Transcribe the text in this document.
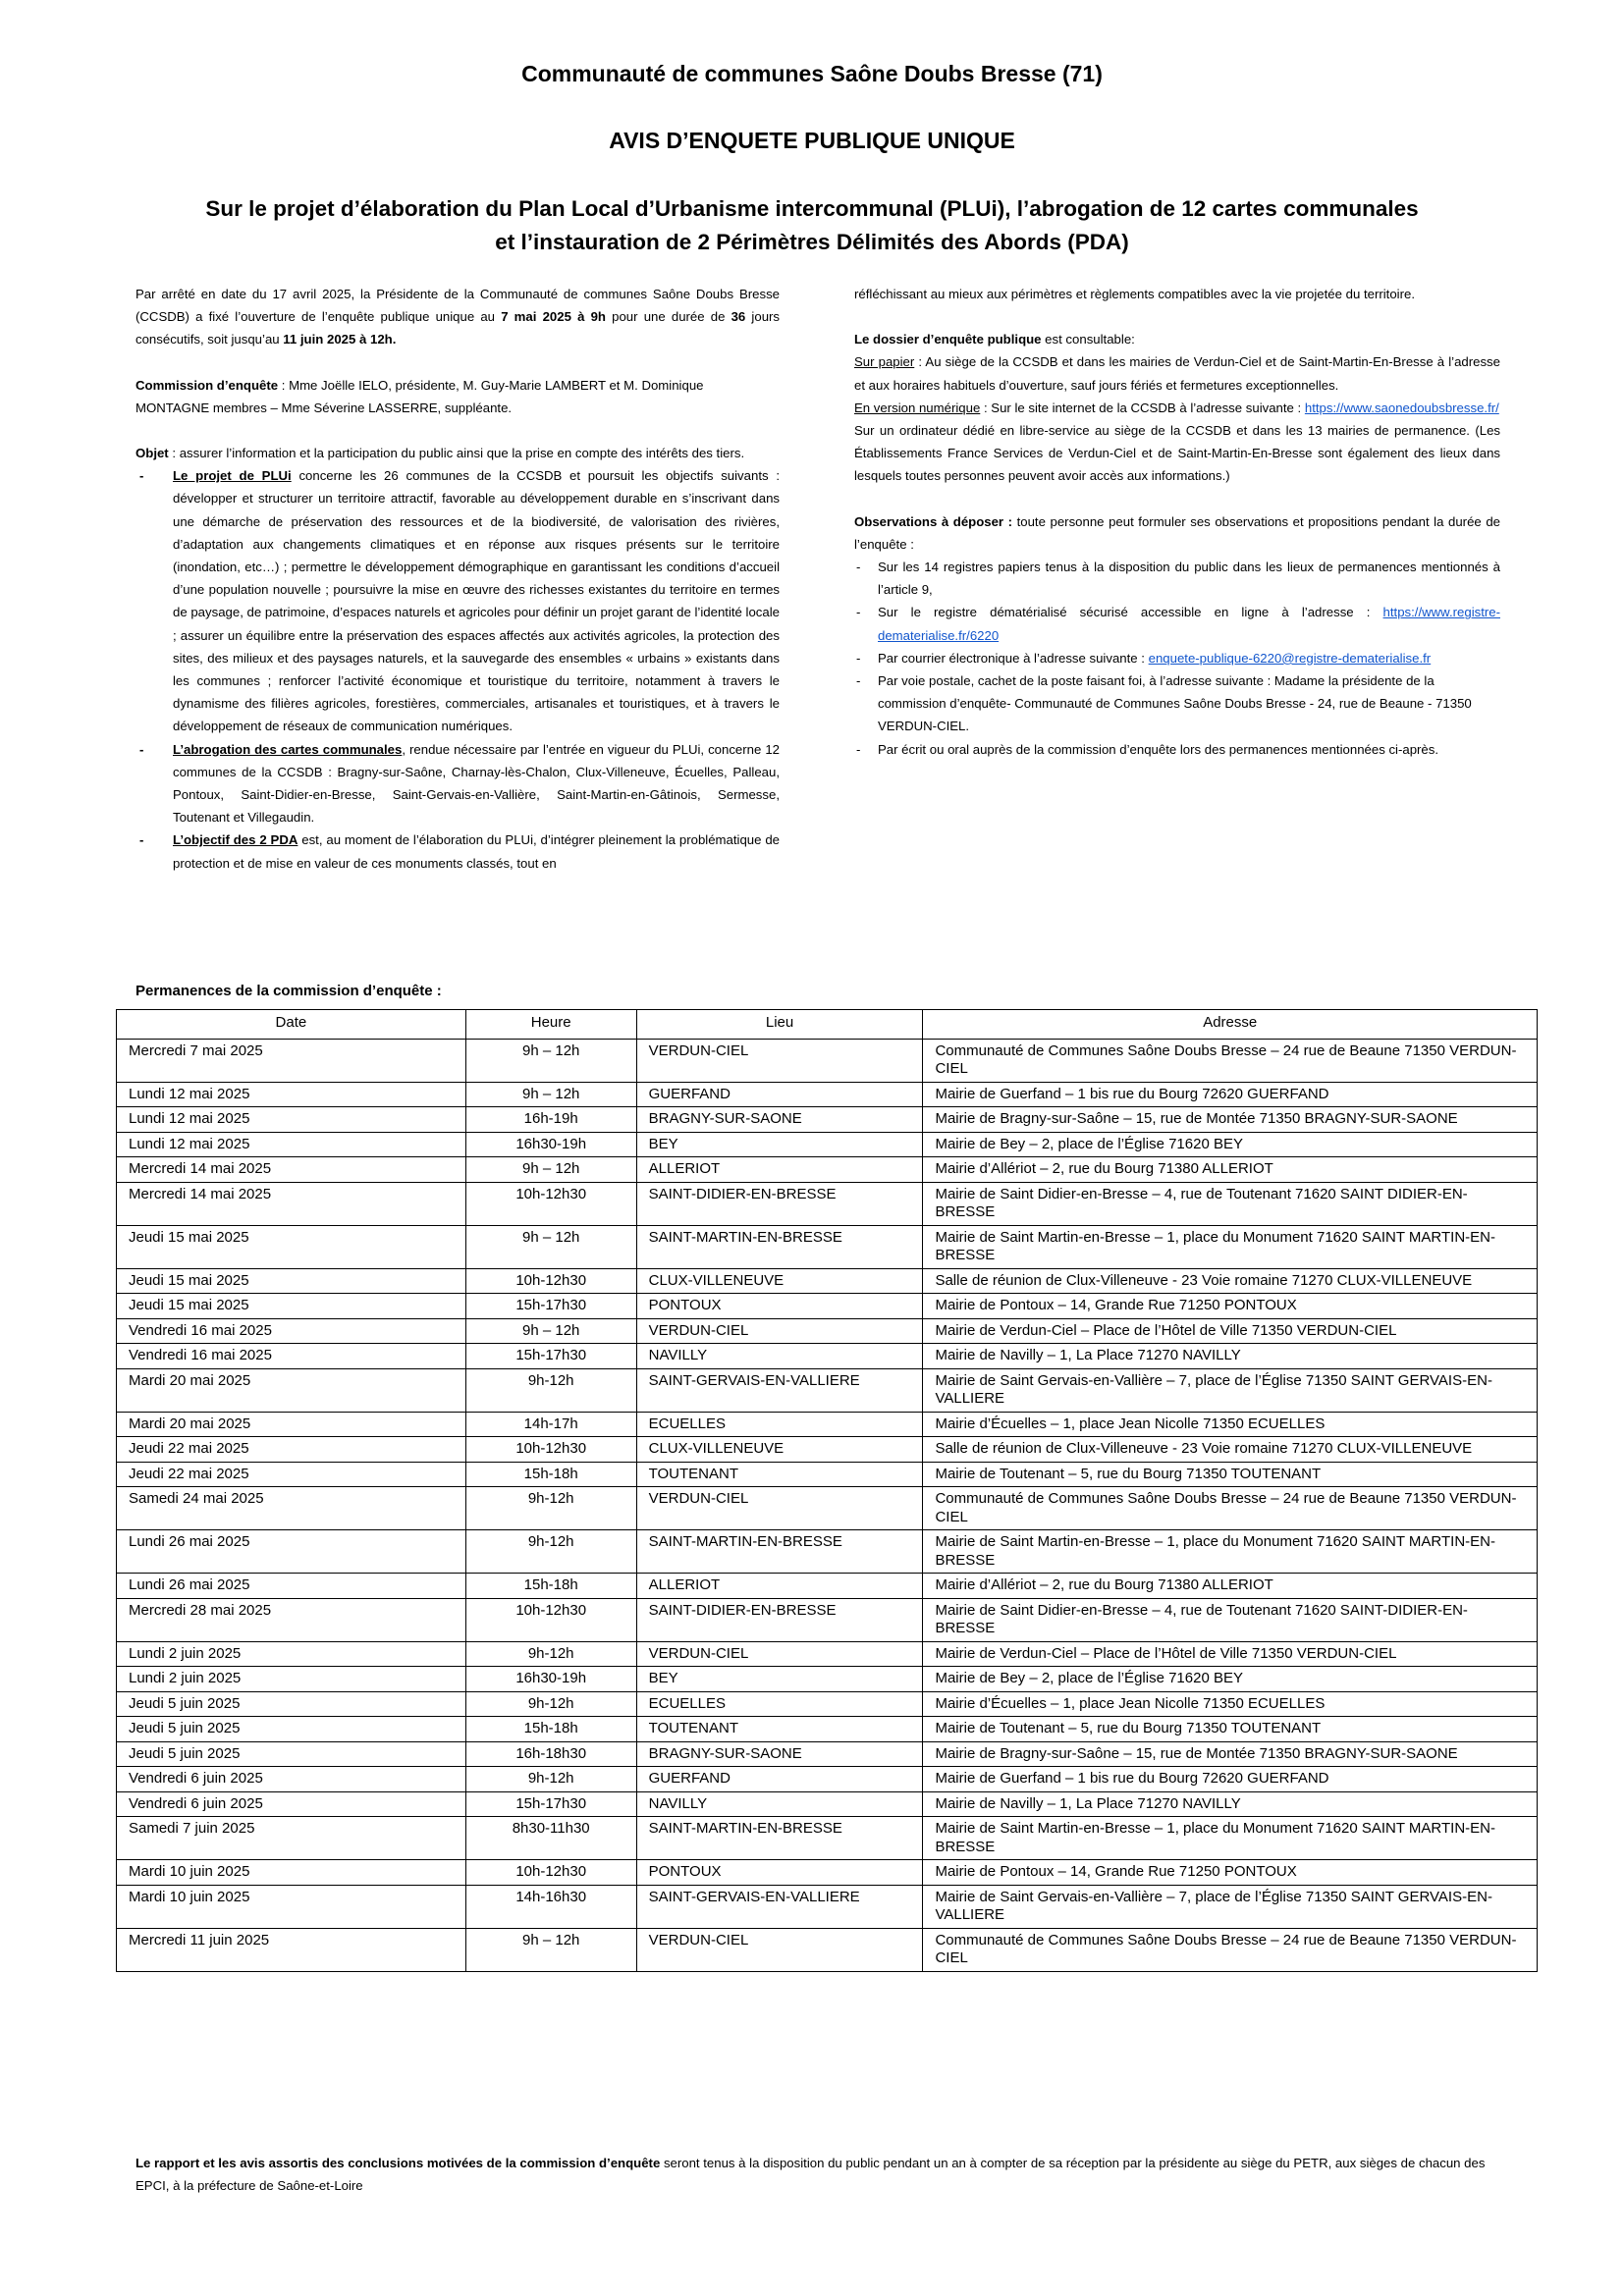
Communauté de communes Saône Doubs Bresse (71)
AVIS D’ENQUETE PUBLIQUE UNIQUE
Sur le projet d’élaboration du Plan Local d’Urbanisme intercommunal (PLUi), l’abrogation de 12 cartes communales
et l’instauration de 2 Périmètres Délimités des Abords (PDA)

Par arrêté en date du 17 avril 2025, la Présidente de la Communauté de communes Saône Doubs Bresse (CCSDB) a fixé l’ouverture de l’enquête publique unique au 7 mai 2025 à 9h pour une durée de 36 jours consécutifs, soit jusqu’au 11 juin 2025 à 12h.

Commission d’enquête : Mme Joëlle IELO, présidente, M. Guy-Marie LAMBERT et M. Dominique MONTAGNE membres – Mme Séverine LASSERRE, suppléante.

Objet : assurer l’information et la participation du public ainsi que la prise en compte des intérêts des tiers.

- Le projet de PLUi concerne les 26 communes de la CCSDB et poursuit les objectifs suivants : développer et structurer un territoire attractif, favorable au développement durable en s’inscrivant dans une démarche de préservation des ressources et de la biodiversité, de valorisation des rivières, d’adaptation aux changements climatiques et en réponse aux risques présents sur le territoire (inondation, etc…) ; permettre le développement démographique en garantissant les conditions d’accueil d’une population nouvelle ; poursuivre la mise en œuvre des richesses existantes du territoire en termes de paysage, de patrimoine, d’espaces naturels et agricoles pour définir un projet garant de l’identité locale ; assurer un équilibre entre la préservation des espaces affectés aux activités agricoles, la protection des sites, des milieux et des paysages naturels, et la sauvegarde des ensembles « urbains » existants dans les communes ; renforcer l’activité économique et touristique du territoire, notamment à travers le dynamisme des filières agricoles, forestières, commerciales, artisanales et touristiques, et à travers le développement de réseaux de communication numériques.
- L’abrogation des cartes communales, rendue nécessaire par l’entrée en vigueur du PLUi, concerne 12 communes de la CCSDB : Bragny-sur-Saône, Charnay-lès-Chalon, Clux-Villeneuve, Écuelles, Palleau, Pontoux, Saint-Didier-en-Bresse, Saint-Gervais-en-Vallière, Saint-Martin-en-Gâtinois, Sermesse, Toutenant et Villegaudin.
- L’objectif des 2 PDA est, au moment de l’élaboration du PLUi, d’intégrer pleinement la problématique de protection et de mise en valeur de ces monuments classés, tout en

réfléchissant au mieux aux périmètres et règlements compatibles avec la vie projetée du territoire.

Le dossier d’enquête publique est consultable:

Sur papier : Au siège de la CCSDB et dans les mairies de Verdun-Ciel et de Saint-Martin-En-Bresse à l’adresse et aux horaires habituels d’ouverture, sauf jours fériés et fermetures exceptionnelles.

En version numérique : Sur le site internet de la CCSDB à l’adresse suivante : https://www.saonedoubsbresse.fr/

Sur un ordinateur dédié en libre-service au siège de la CCSDB et dans les 13 mairies de permanence. (Les Établissements France Services de Verdun-Ciel et de Saint-Martin-En-Bresse sont également des lieux dans lesquels toutes personnes peuvent avoir accès aux informations.)

Observations à déposer : toute personne peut formuler ses observations et propositions pendant la durée de l’enquête :

- Sur les 14 registres papiers tenus à la disposition du public dans les lieux de permanences mentionnés à l’article 9,
- Sur le registre dématérialisé sécurisé accessible en ligne à l’adresse : https://www.registre-dematerialise.fr/6220
- Par courrier électronique à l’adresse suivante : enquete-publique-6220@registre-dematerialise.fr
- Par voie postale, cachet de la poste faisant foi, à l’adresse suivante : Madame la présidente de la commission d’enquête- Communauté de Communes Saône Doubs Bresse - 24, rue de Beaune - 71350 VERDUN-CIEL.
- Par écrit ou oral auprès de la commission d’enquête lors des permanences mentionnées ci-après.
Permanences de la commission d’enquête :
Date	Heure	Lieu	Adresse
Mercredi 7 mai 2025	9h – 12h	VERDUN-CIEL	Communauté de Communes Saône Doubs Bresse – 24 rue de Beaune 71350 VERDUN-CIEL
Lundi 12 mai 2025	9h – 12h	GUERFAND	Mairie de Guerfand – 1 bis rue du Bourg 72620 GUERFAND
Lundi 12 mai 2025	16h-19h	BRAGNY-SUR-SAONE	Mairie de Bragny-sur-Saône – 15, rue de Montée 71350 BRAGNY-SUR-SAONE
Lundi 12 mai 2025	16h30-19h	BEY	Mairie de Bey – 2, place de l’Église 71620 BEY
Mercredi 14 mai 2025	9h – 12h	ALLERIOT	Mairie d’Allériot – 2, rue du Bourg 71380 ALLERIOT
Mercredi 14 mai 2025	10h-12h30	SAINT-DIDIER-EN-BRESSE	Mairie de Saint Didier-en-Bresse – 4, rue de Toutenant 71620 SAINT DIDIER-EN-BRESSE
Jeudi 15 mai 2025	9h – 12h	SAINT-MARTIN-EN-BRESSE	Mairie de Saint Martin-en-Bresse – 1, place du Monument 71620 SAINT MARTIN-EN-BRESSE
Jeudi 15 mai 2025	10h-12h30	CLUX-VILLENEUVE	Salle de réunion de Clux-Villeneuve - 23 Voie romaine 71270 CLUX-VILLENEUVE
Jeudi 15 mai 2025	15h-17h30	PONTOUX	Mairie de Pontoux – 14, Grande Rue 71250 PONTOUX
Vendredi 16 mai 2025	9h – 12h	VERDUN-CIEL	Mairie de Verdun-Ciel – Place de l’Hôtel de Ville 71350 VERDUN-CIEL
Vendredi 16 mai 2025	15h-17h30	NAVILLY	Mairie de Navilly – 1, La Place 71270 NAVILLY
Mardi 20 mai 2025	9h-12h	SAINT-GERVAIS-EN-VALLIERE	Mairie de Saint Gervais-en-Vallière – 7, place de l’Église 71350 SAINT GERVAIS-EN-VALLIERE
Mardi 20 mai 2025	14h-17h	ECUELLES	Mairie d’Écuelles – 1, place Jean Nicolle 71350 ECUELLES
Jeudi 22 mai 2025	10h-12h30	CLUX-VILLENEUVE	Salle de réunion de Clux-Villeneuve - 23 Voie romaine 71270 CLUX-VILLENEUVE
Jeudi 22 mai 2025	15h-18h	TOUTENANT	Mairie de Toutenant – 5, rue du Bourg 71350 TOUTENANT
Samedi 24 mai 2025	9h-12h	VERDUN-CIEL	Communauté de Communes Saône Doubs Bresse – 24 rue de Beaune 71350 VERDUN-CIEL
Lundi 26 mai 2025	9h-12h	SAINT-MARTIN-EN-BRESSE	Mairie de Saint Martin-en-Bresse – 1, place du Monument 71620 SAINT MARTIN-EN-BRESSE
Lundi 26 mai 2025	15h-18h	ALLERIOT	Mairie d’Allériot – 2, rue du Bourg 71380 ALLERIOT
Mercredi 28 mai 2025	10h-12h30	SAINT-DIDIER-EN-BRESSE	Mairie de Saint Didier-en-Bresse – 4, rue de Toutenant 71620 SAINT-DIDIER-EN-BRESSE
Lundi 2 juin 2025	9h-12h	VERDUN-CIEL	Mairie de Verdun-Ciel – Place de l’Hôtel de Ville 71350 VERDUN-CIEL
Lundi 2 juin 2025	16h30-19h	BEY	Mairie de Bey – 2, place de l’Église 71620 BEY
Jeudi 5 juin 2025	9h-12h	ECUELLES	Mairie d’Écuelles – 1, place Jean Nicolle 71350 ECUELLES
Jeudi 5 juin 2025	15h-18h	TOUTENANT	Mairie de Toutenant – 5, rue du Bourg 71350 TOUTENANT
Jeudi 5 juin 2025	16h-18h30	BRAGNY-SUR-SAONE	Mairie de Bragny-sur-Saône – 15, rue de Montée 71350 BRAGNY-SUR-SAONE
Vendredi 6 juin 2025	9h-12h	GUERFAND	Mairie de Guerfand – 1 bis rue du Bourg 72620 GUERFAND
Vendredi 6 juin 2025	15h-17h30	NAVILLY	Mairie de Navilly – 1, La Place 71270 NAVILLY
Samedi 7 juin 2025	8h30-11h30	SAINT-MARTIN-EN-BRESSE	Mairie de Saint Martin-en-Bresse – 1, place du Monument 71620 SAINT MARTIN-EN-BRESSE
Mardi 10 juin 2025	10h-12h30	PONTOUX	Mairie de Pontoux – 14, Grande Rue 71250 PONTOUX
Mardi 10 juin 2025	14h-16h30	SAINT-GERVAIS-EN-VALLIERE	Mairie de Saint Gervais-en-Vallière – 7, place de l’Église 71350 SAINT GERVAIS-EN-VALLIERE
Mercredi 11 juin 2025	9h – 12h	VERDUN-CIEL	Communauté de Communes Saône Doubs Bresse – 24 rue de Beaune 71350 VERDUN-CIEL
Le rapport et les avis assortis des conclusions motivées de la commission d’enquête seront tenus à la disposition du public pendant un an à compter de sa réception par la présidente au siège du PETR, aux sièges de chacun des EPCI, à la préfecture de Saône-et-Loire
